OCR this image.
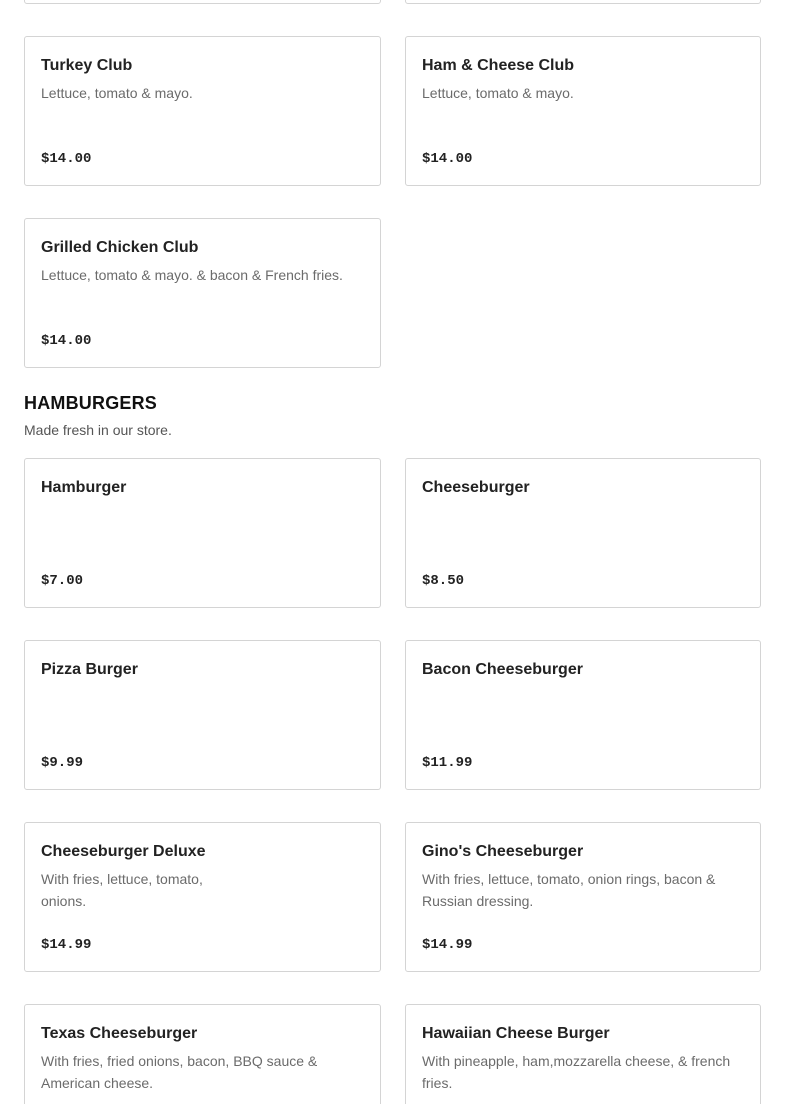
Turkey Club
Lettuce, tomato & mayo.
$14.00
Ham & Cheese Club
Lettuce, tomato & mayo.
$14.00
Grilled Chicken Club
Lettuce, tomato & mayo. & bacon & French fries.
$14.00
HAMBURGERS
Made fresh in our store.
Hamburger
$7.00
Cheeseburger
$8.50
Pizza Burger
$9.99
Bacon Cheeseburger
$11.99
Cheeseburger Deluxe
With fries, lettuce, tomato, onions.
$14.99
Gino's Cheeseburger
With fries, lettuce, tomato, onion rings, bacon & Russian dressing.
$14.99
Texas Cheeseburger
With fries, fried onions, bacon, BBQ sauce & American cheese.
Hawaiian Cheese Burger
With pineapple, ham,mozzarella cheese, & french fries.
